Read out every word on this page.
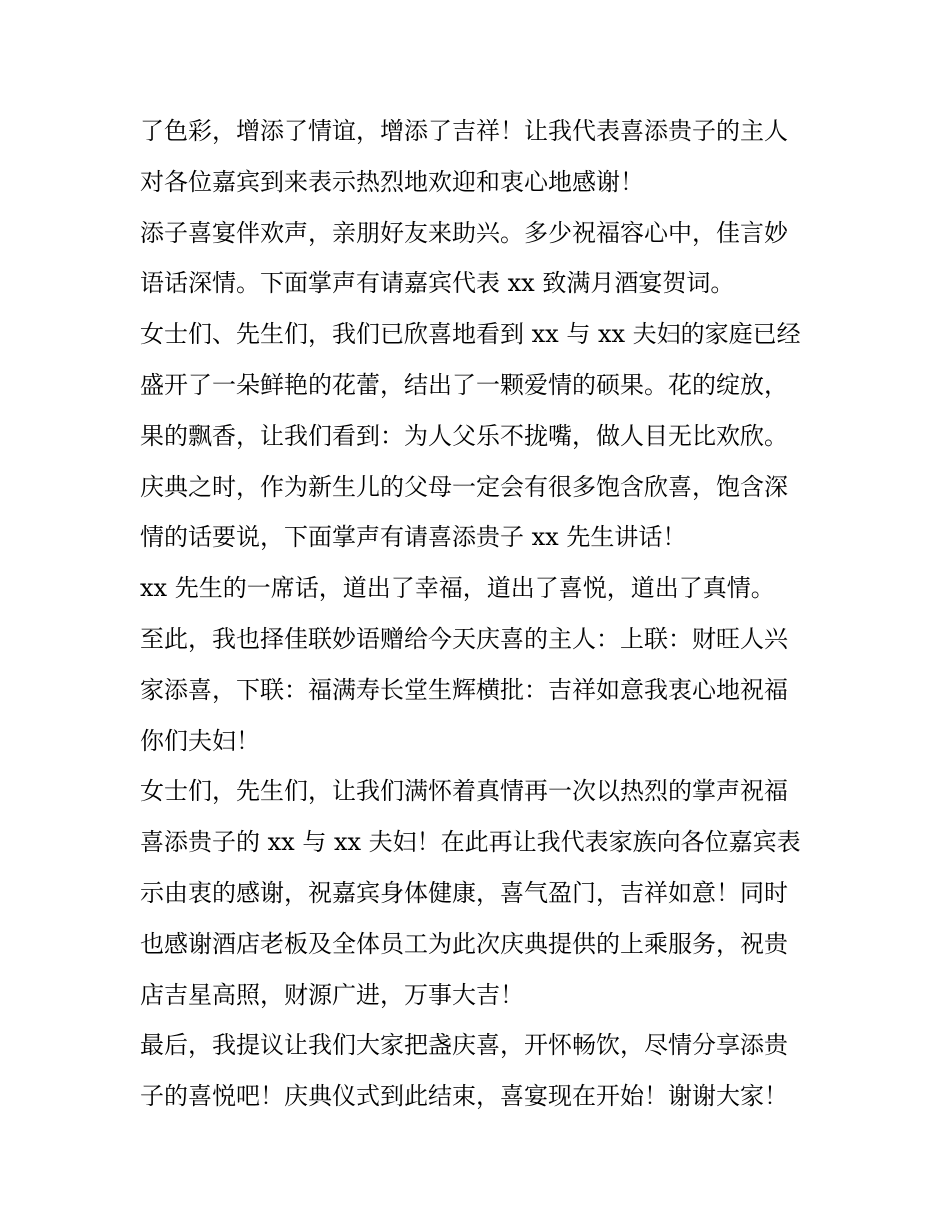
了色彩，增添了情谊，增添了吉祥！让我代表喜添贵子的主人
对各位嘉宾到来表示热烈地欢迎和衷心地感谢！
添子喜宴伴欢声，亲朋好友来助兴。多少祝福容心中，佳言妙
语话深情。下面掌声有请嘉宾代表 xx 致满月酒宴贺词。
女士们、先生们，我们已欣喜地看到 xx 与 xx 夫妇的家庭已经
盛开了一朵鲜艳的花蕾，结出了一颗爱情的硕果。花的绽放，
果的飘香，让我们看到：为人父乐不拢嘴，做人目无比欢欣。
庆典之时，作为新生儿的父母一定会有很多饱含欣喜，饱含深
情的话要说，下面掌声有请喜添贵子 xx 先生讲话！
xx 先生的一席话，道出了幸福，道出了喜悦，道出了真情。
至此，我也择佳联妙语赠给今天庆喜的主人：上联：财旺人兴
家添喜，下联：福满寿长堂生辉横批：吉祥如意我衷心地祝福
你们夫妇！
女士们，先生们，让我们满怀着真情再一次以热烈的掌声祝福
喜添贵子的 xx 与 xx 夫妇！在此再让我代表家族向各位嘉宾表
示由衷的感谢，祝嘉宾身体健康，喜气盈门，吉祥如意！同时
也感谢酒店老板及全体员工为此次庆典提供的上乘服务，祝贵
店吉星高照，财源广进，万事大吉！
最后，我提议让我们大家把盏庆喜，开怀畅饮，尽情分享添贵
子的喜悦吧！庆典仪式到此结束，喜宴现在开始！谢谢大家！
